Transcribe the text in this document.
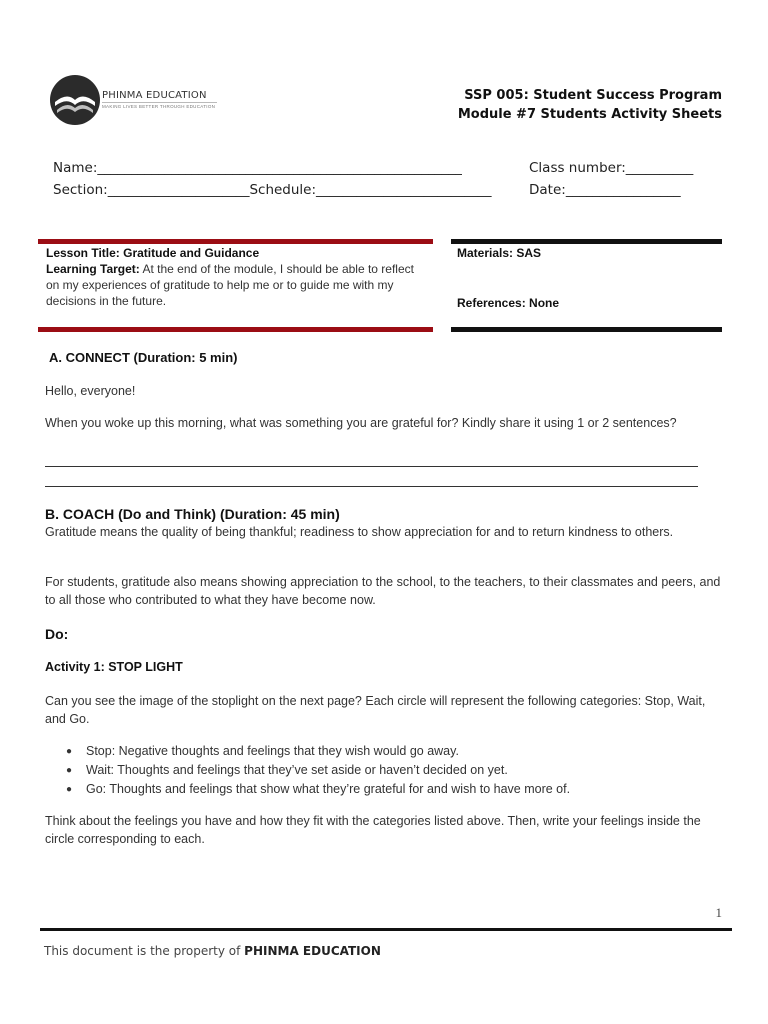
PHINMA EDUCATION
MAKING LIVES BETTER THROUGH EDUCATION
SSP 005: Student Success Program
Module #7 Students Activity Sheets
Name:______________________________________________________	Class number:__________
Section:_____________________Schedule:__________________________	Date:_________________
Lesson Title: Gratitude and Guidance
Learning Target: At the end of the module, I should be able to reflect on my experiences of gratitude to help me or to guide me with my decisions in the future.
Materials: SAS
References: None
A. CONNECT (Duration: 5 min)
Hello, everyone!
When you woke up this morning, what was something you are grateful for? Kindly share it using 1 or 2 sentences?
B. COACH (Do and Think) (Duration: 45 min)
Gratitude means the quality of being thankful; readiness to show appreciation for and to return kindness to others.
For students, gratitude also means showing appreciation to the school, to the teachers, to their classmates and peers, and to all those who contributed to what they have become now.
Do:
Activity 1: STOP LIGHT
Can you see the image of the stoplight on the next page? Each circle will represent the following categories: Stop, Wait, and Go.
● Stop: Negative thoughts and feelings that they wish would go away.
● Wait: Thoughts and feelings that they’ve set aside or haven’t decided on yet.
● Go: Thoughts and feelings that show what they’re grateful for and wish to have more of.
Think about the feelings you have and how they fit with the categories listed above. Then, write your feelings inside the circle corresponding to each.
1
This document is the property of PHINMA EDUCATION
